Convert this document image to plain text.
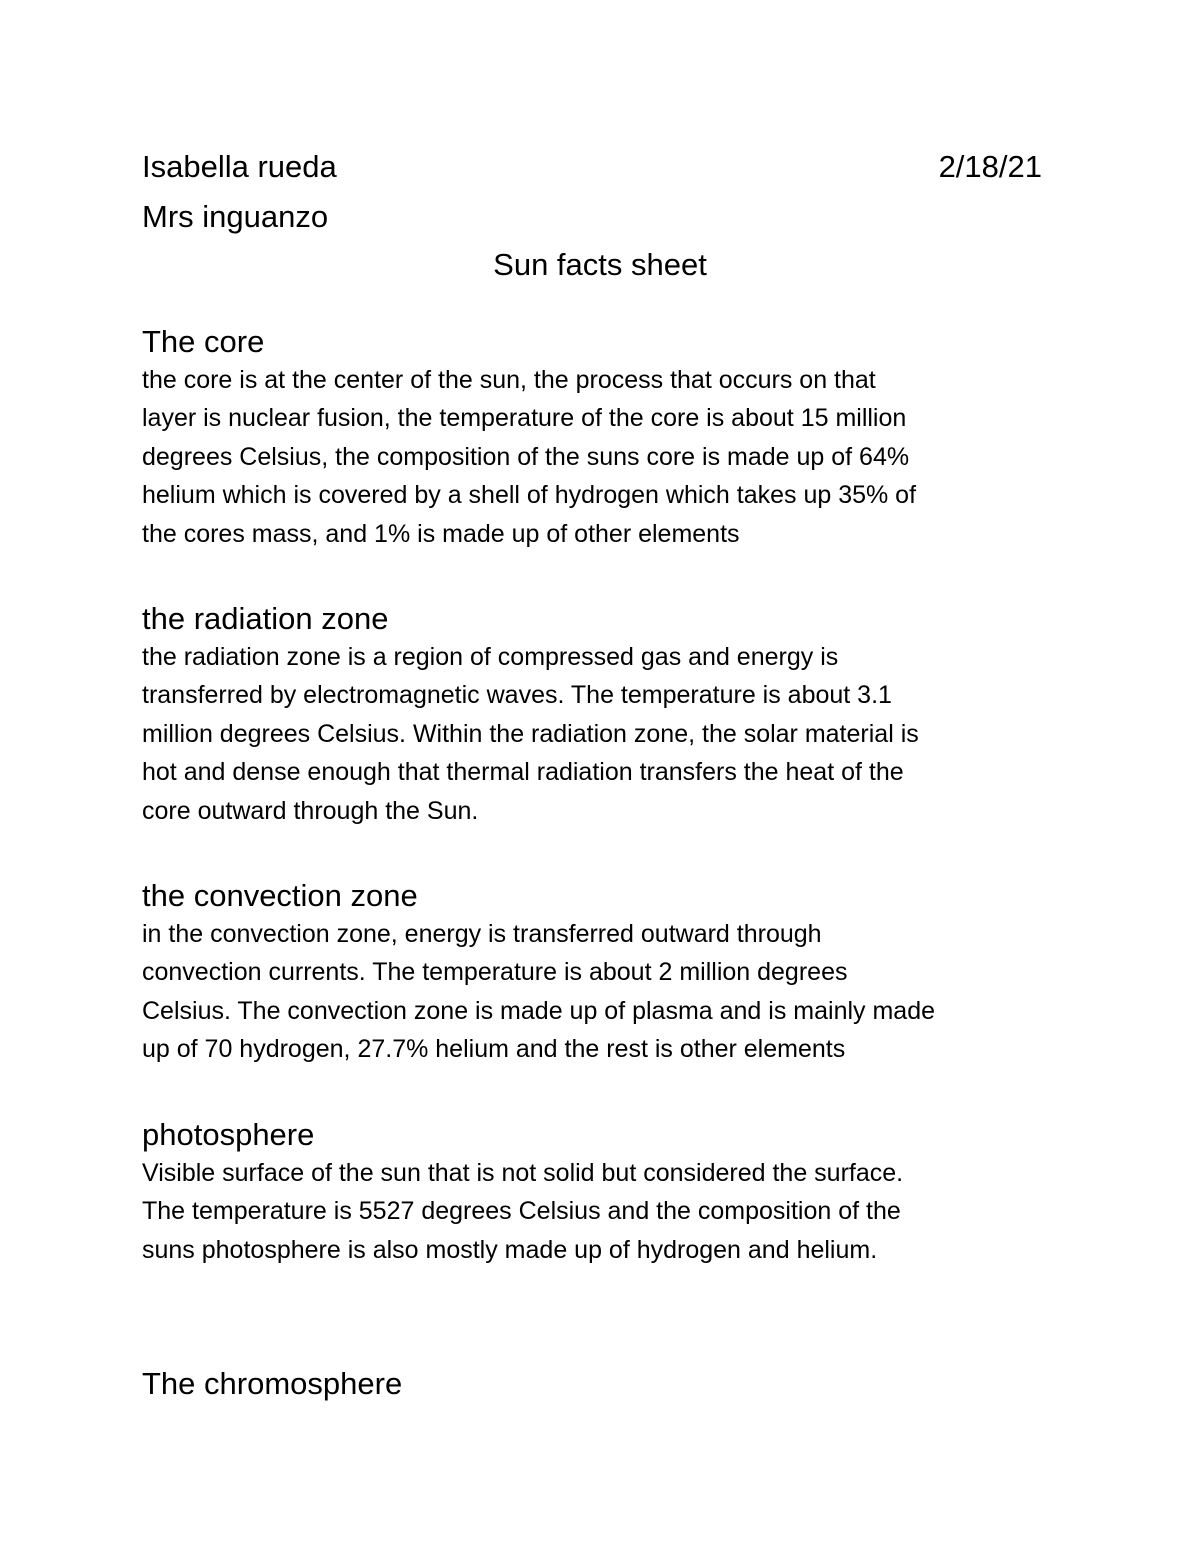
Isabella rueda	2/18/21
Mrs inguanzo
Sun facts sheet
The core

the core is at the center of the sun, the process that occurs on that
layer is nuclear fusion, the temperature of the core is about 15 million
degrees Celsius, the composition of the suns core is made up of 64%
helium which is covered by a shell of hydrogen which takes up 35% of
the cores mass, and 1% is made up of other elements

the radiation zone

the radiation zone is a region of compressed gas and energy is
transferred by electromagnetic waves. The temperature is about 3.1
million degrees Celsius. Within the radiation zone, the solar material is
hot and dense enough that thermal radiation transfers the heat of the
core outward through the Sun.

the convection zone

in the convection zone, energy is transferred outward through
convection currents. The temperature is about 2 million degrees
Celsius. The convection zone is made up of plasma and is mainly made
up of 70 hydrogen, 27.7% helium and the rest is other elements

photosphere

Visible surface of the sun that is not solid but considered the surface.
The temperature is 5527 degrees Celsius and the composition of the
suns photosphere is also mostly made up of hydrogen and helium.

The chromosphere
